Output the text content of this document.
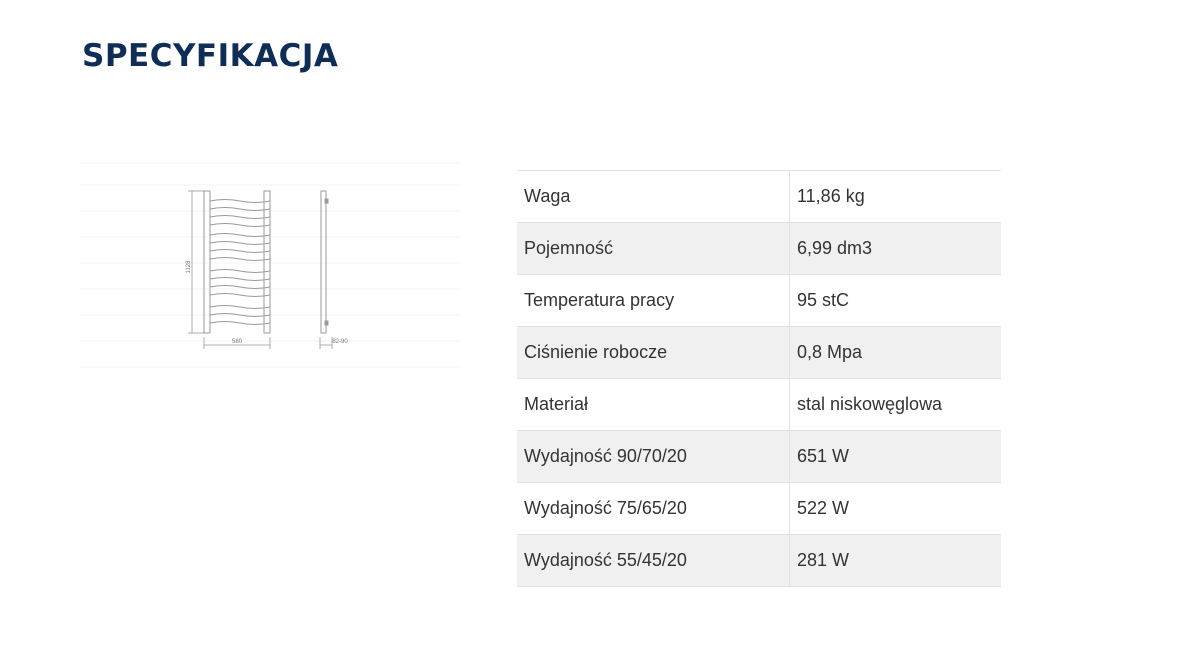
SPECYFIKACJA
1128
580	82-90
Waga	11,86 kg
Pojemność	6,99 dm3
Temperatura pracy	95 stC
Ciśnienie robocze	0,8 Mpa
Materiał	stal niskowęglowa
Wydajność 90/70/20	651 W
Wydajność 75/65/20	522 W
Wydajność 55/45/20	281 W
